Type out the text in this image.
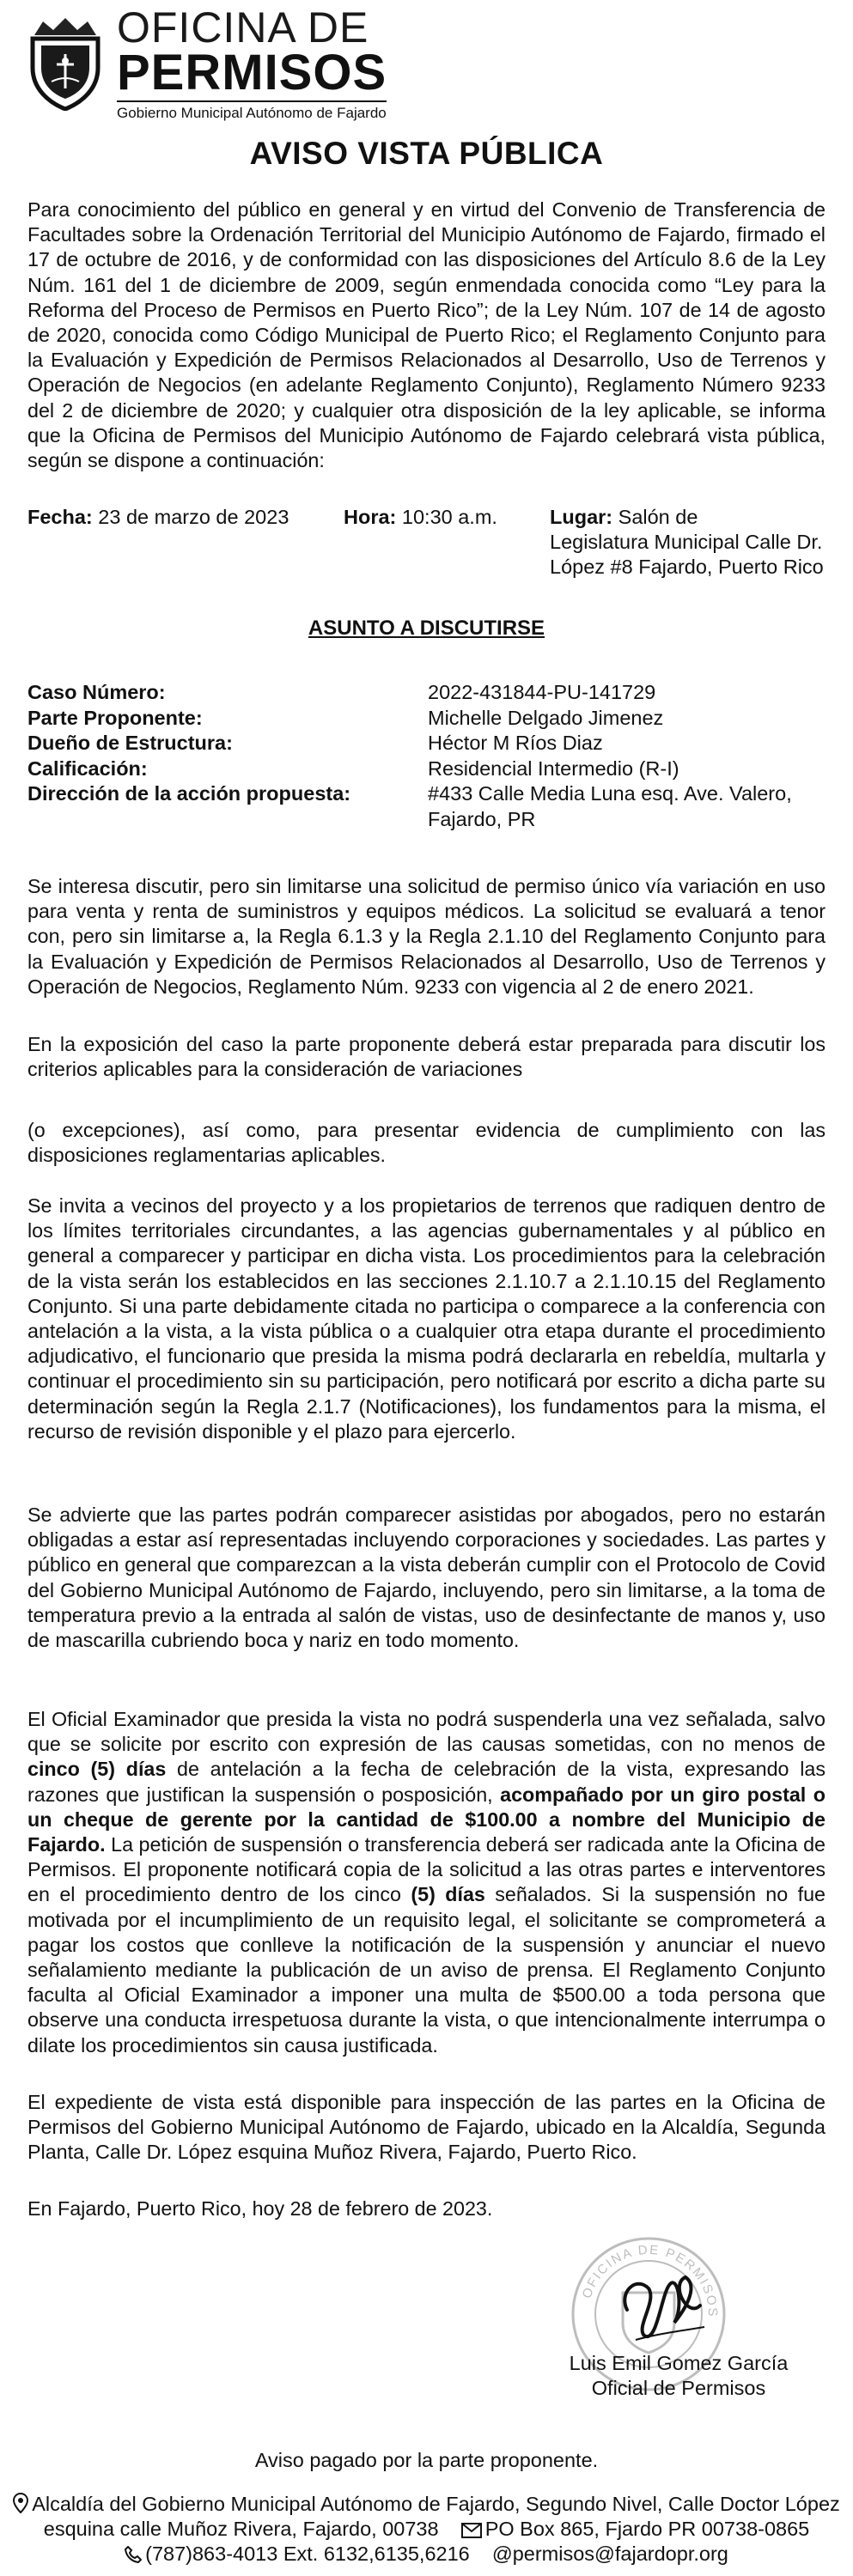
OFICINA DE
PERMISOS
Gobierno Municipal Autónomo de Fajardo
AVISO VISTA PÚBLICA

Para conocimiento del público en general y en virtud del Convenio de Transferencia de Facultades sobre la Ordenación Territorial del Municipio Autónomo de Fajardo, firmado el 17 de octubre de 2016, y de conformidad con las disposiciones del Artículo 8.6 de la Ley Núm. 161 del 1 de diciembre de 2009, según enmendada conocida como “Ley para la Reforma del Proceso de Permisos en Puerto Rico”; de la Ley Núm. 107 de 14 de agosto de 2020, conocida como Código Municipal de Puerto Rico; el Reglamento Conjunto para la Evaluación y Expedición de Permisos Relacionados al Desarrollo, Uso de Terrenos y Operación de Negocios (en adelante Reglamento Conjunto), Reglamento Número 9233 del 2 de diciembre de 2020; y cualquier otra disposición de la ley aplicable, se informa que la Oficina de Permisos del Municipio Autónomo de Fajardo celebrará vista pública, según se dispone a continuación:

Fecha: 23 de marzo de 2023	Hora: 10:30 a.m.	Lugar: Salón de
Legislatura Municipal Calle Dr.
López #8 Fajardo, Puerto Rico
ASUNTO A DISCUTIRSE
Caso Número:	2022-431844-PU-141729
Parte Proponente:	Michelle Delgado Jimenez
Dueño de Estructura:	Héctor M Ríos Diaz
Calificación:	Residencial Intermedio (R-I)
Dirección de la acción propuesta:	#433 Calle Media Luna esq. Ave. Valero,
Fajardo, PR

Se interesa discutir, pero sin limitarse una solicitud de permiso único vía variación en uso para venta y renta de suministros y equipos médicos. La solicitud se evaluará a tenor con, pero sin limitarse a, la Regla 6.1.3 y la Regla 2.1.10 del Reglamento Conjunto para la Evaluación y Expedición de Permisos Relacionados al Desarrollo, Uso de Terrenos y Operación de Negocios, Reglamento Núm. 9233 con vigencia al 2 de enero 2021.

En la exposición del caso la parte proponente deberá estar preparada para discutir los criterios aplicables para la consideración de variaciones

(o excepciones), así como, para presentar evidencia de cumplimiento con las disposiciones reglamentarias aplicables.

Se invita a vecinos del proyecto y a los propietarios de terrenos que radiquen dentro de los límites territoriales circundantes, a las agencias gubernamentales y al público en general a comparecer y participar en dicha vista. Los procedimientos para la celebración de la vista serán los establecidos en las secciones 2.1.10.7 a 2.1.10.15 del Reglamento Conjunto. Si una parte debidamente citada no participa o comparece a la conferencia con antelación a la vista, a la vista pública o a cualquier otra etapa durante el procedimiento adjudicativo, el funcionario que presida la misma podrá declararla en rebeldía, multarla y continuar el procedimiento sin su participación, pero notificará por escrito a dicha parte su determinación según la Regla 2.1.7 (Notificaciones), los fundamentos para la misma, el recurso de revisión disponible y el plazo para ejercerlo.

Se advierte que las partes podrán comparecer asistidas por abogados, pero no estarán obligadas a estar así representadas incluyendo corporaciones y sociedades. Las partes y público en general que comparezcan a la vista deberán cumplir con el Protocolo de Covid del Gobierno Municipal Autónomo de Fajardo, incluyendo, pero sin limitarse, a la toma de temperatura previo a la entrada al salón de vistas, uso de desinfectante de manos y, uso de mascarilla cubriendo boca y nariz en todo momento.

El Oficial Examinador que presida la vista no podrá suspenderla una vez señalada, salvo que se solicite por escrito con expresión de las causas sometidas, con no menos de cinco (5) días de antelación a la fecha de celebración de la vista, expresando las razones que justifican la suspensión o posposición, acompañado por un giro postal o un cheque de gerente por la cantidad de $100.00 a nombre del Municipio de Fajardo. La petición de suspensión o transferencia deberá ser radicada ante la Oficina de Permisos. El proponente notificará copia de la solicitud a las otras partes e interventores en el procedimiento dentro de los cinco (5) días señalados. Si la suspensión no fue motivada por el incumplimiento de un requisito legal, el solicitante se comprometerá a pagar los costos que conlleve la notificación de la suspensión y anunciar el nuevo señalamiento mediante la publicación de un aviso de prensa. El Reglamento Conjunto faculta al Oficial Examinador a imponer una multa de $500.00 a toda persona que observe una conducta irrespetuosa durante la vista, o que intencionalmente interrumpa o dilate los procedimientos sin causa justificada.

El expediente de vista está disponible para inspección de las partes en la Oficina de Permisos del Gobierno Municipal Autónomo de Fajardo, ubicado en la Alcaldía, Segunda Planta, Calle Dr. López esquina Muñoz Rivera, Fajardo, Puerto Rico.

En Fajardo, Puerto Rico, hoy 28 de febrero de 2023.

OFICINA DE PERMISOS
Luis Emil Gomez García
Oficial de Permisos
Aviso pagado por la parte proponente.
Alcaldía del Gobierno Municipal Autónomo de Fajardo, Segundo Nivel, Calle Doctor López
esquina calle Muñoz Rivera, Fajardo, 00738 PO Box 865, Fjardo PR 00738-0865
(787)863-4013 Ext. 6132,6135,6216 @permisos@fajardopr.org
